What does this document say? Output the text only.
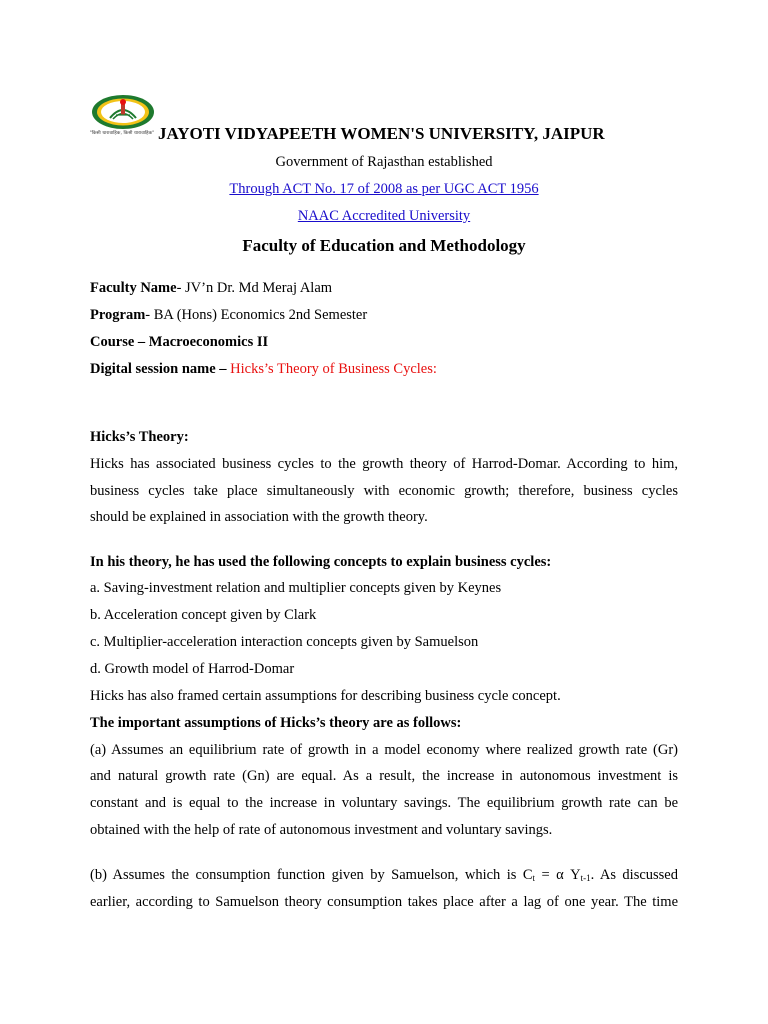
"किसी धारावाहिक, किसी धारावाहिक" JAYOTI VIDYAPEETH WOMEN'S UNIVERSITY, JAIPUR
Government of Rajasthan established
Through ACT No. 17 of 2008 as per UGC ACT 1956
NAAC Accredited University
Faculty of Education and Methodology
Faculty Name- JV’n Dr. Md Meraj Alam
Program- BA (Hons) Economics 2nd Semester
Course – Macroeconomics II
Digital session name – Hicks’s Theory of Business Cycles:
Hicks’s Theory:
Hicks has associated business cycles to the growth theory of Harrod-Domar. According to him,
business cycles take place simultaneously with economic growth; therefore, business cycles
should be explained in association with the growth theory.
In his theory, he has used the following concepts to explain business cycles:
a. Saving-investment relation and multiplier concepts given by Keynes
b. Acceleration concept given by Clark
c. Multiplier-acceleration interaction concepts given by Samuelson
d. Growth model of Harrod-Domar
Hicks has also framed certain assumptions for describing business cycle concept.
The important assumptions of Hicks’s theory are as follows:
(a) Assumes an equilibrium rate of growth in a model economy where realized growth rate (Gr)
and natural growth rate (Gn) are equal. As a result, the increase in autonomous investment is
constant and is equal to the increase in voluntary savings. The equilibrium growth rate can be
obtained with the help of rate of autonomous investment and voluntary savings.
(b) Assumes the consumption function given by Samuelson, which is $C_t = \alpha$ $Y_{t-1}$. As discussed
earlier, according to Samuelson theory consumption takes place after a lag of one year. The time
